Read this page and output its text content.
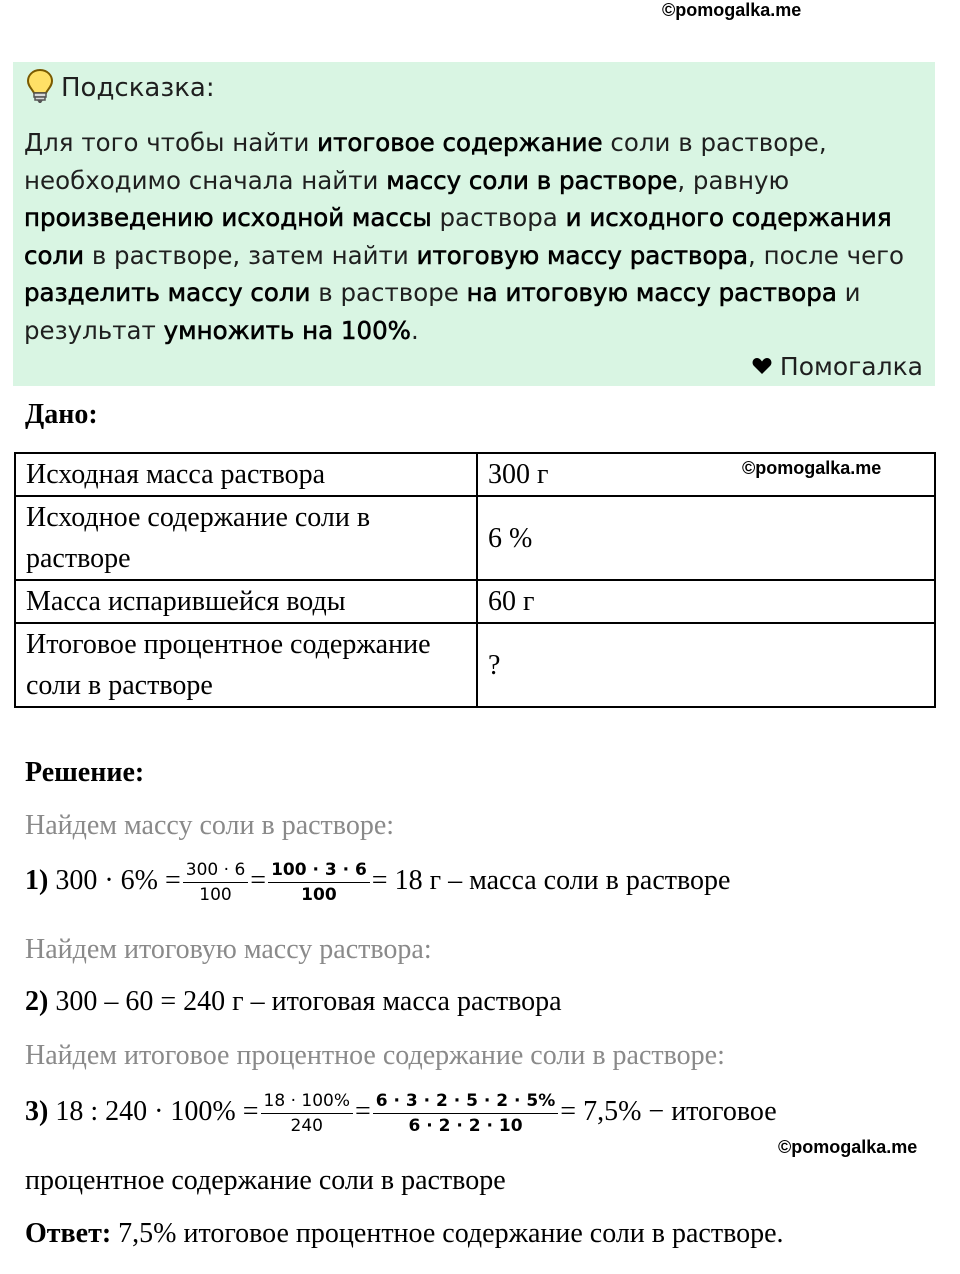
©pomogalka.me
Подсказка:
Для того чтобы найти итоговое содержание соли в растворе, необходимо сначала найти массу соли в растворе, равную произведению исходной массы раствора и исходного содержания соли в растворе, затем найти итоговую массу раствора, после чего разделить массу соли в растворе на итоговую массу раствора и результат умножить на 100%.
Помогалка
Дано:
Исходная масса раствора	300 г
Исходное содержание соли в растворе	6 %
Масса испарившейся воды	60 г
Итоговое процентное содержание соли в растворе	?
©pomogalka.me
Решение:
Найдем массу соли в растворе:
1) $300 \cdot 6\% = \frac{300 \cdot 6}{100} = \frac{100 \cdot 3 \cdot 6}{100} = 18$ г – масса соли в растворе
Найдем итоговую массу раствора:
2) 300 – 60 = 240 г – итоговая масса раствора
Найдем итоговое процентное содержание соли в растворе:
3) 18 : $240 \cdot 100\% = \frac{18 \cdot 100\%}{240} = \frac{6 \cdot 3 \cdot 2 \cdot 5 \cdot 2 \cdot 5\%}{6 \cdot 2 \cdot 2 \cdot 10} = 7,5\%$ − итоговое
©pomogalka.me
процентное содержание соли в растворе
Ответ: 7,5% итоговое процентное содержание соли в растворе.
